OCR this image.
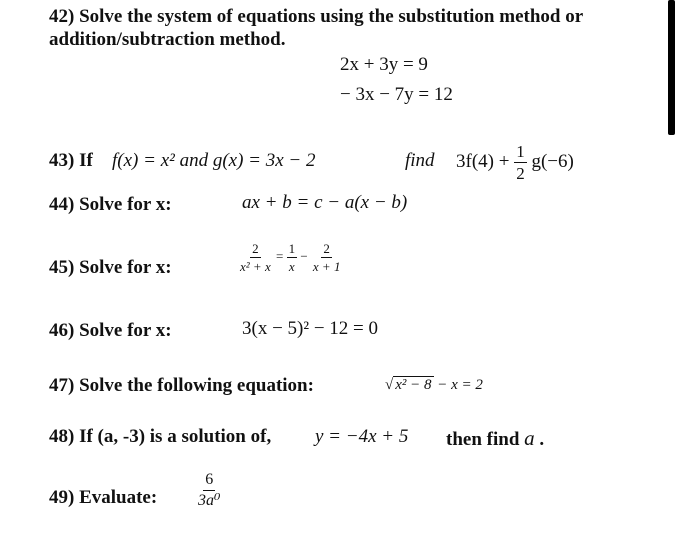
42) Solve the system of equations using the substitution method or
addition/subtraction method.
2x + 3y = 9
− 3x − 7y = 12
43) If f(x) = x² and g(x) = 3x − 2	find $3f(4) + \frac{1}{2} g(-6)$
44) Solve for x:	ax + b = c − a(x − b)
45) Solve for x:	$\frac{2}{\text{x² + x}} = \frac{1}{x} - \frac{2}{x + 1}$
46) Solve for x:	3(x − 5)² − 12 = 0
47) Solve the following equation:	√ x² − 8 − x = 2
48) If (a, -3) is a solution of, y = −4x + 5 then find a .
49) Evaluate: $\frac{6}{\text{3a⁰}}$
